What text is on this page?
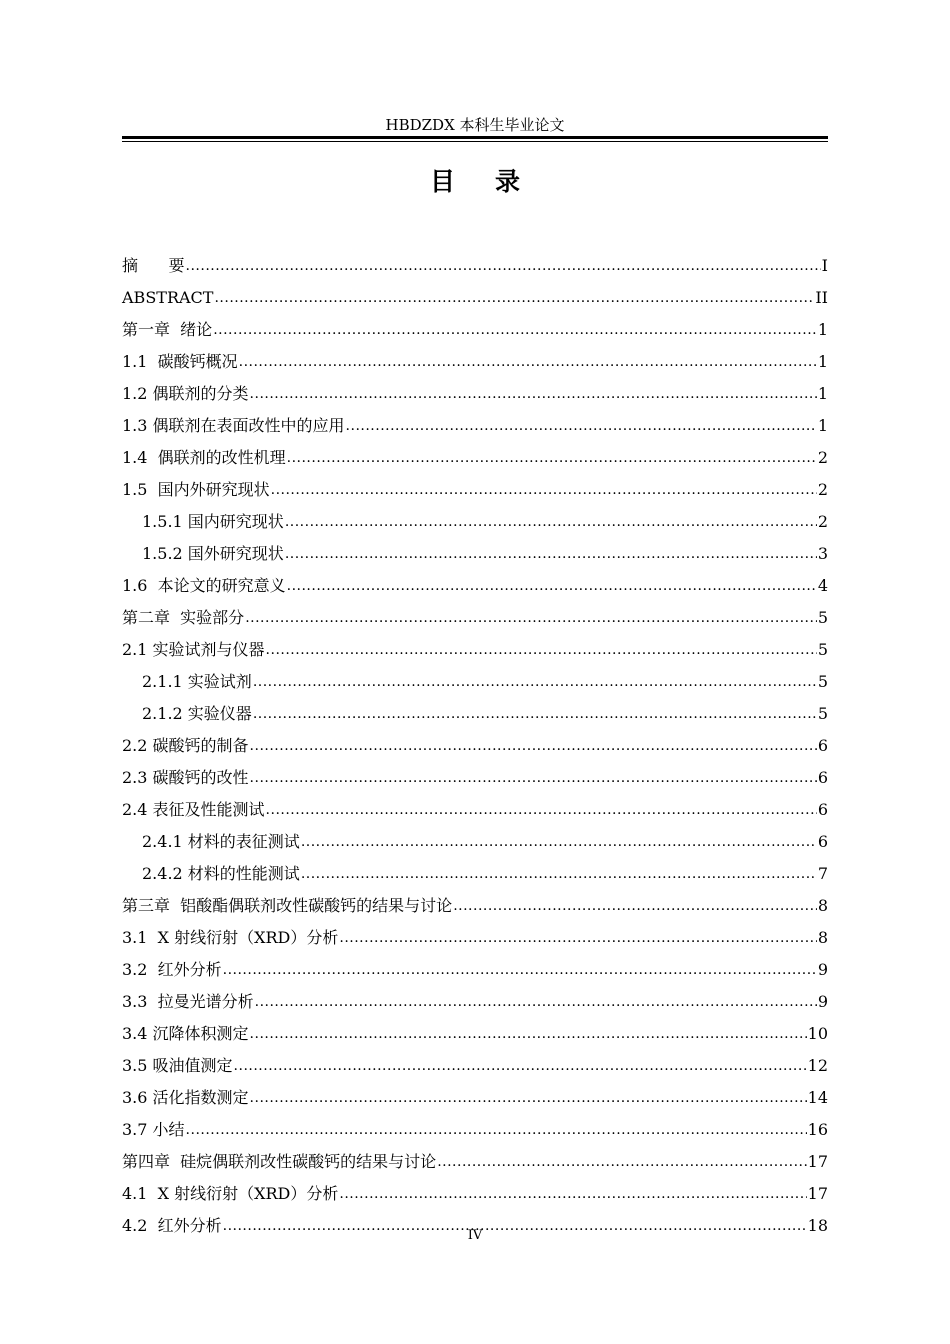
HBDZDX 本科生毕业论文
目录
摘      要 .....	I
ABSTRACT .....	II
第一章  绪论 .....	1
1.1  碳酸钙概况 .....	1
1.2 偶联剂的分类 .....	1
1.3 偶联剂在表面改性中的应用 .....	1
1.4  偶联剂的改性机理 .....	2
1.5  国内外研究现状 .....	2
1.5.1 国内研究现状 .....	2
1.5.2 国外研究现状 .....	3
1.6  本论文的研究意义 .....	4
第二章  实验部分 .....	5
2.1 实验试剂与仪器 .....	5
2.1.1 实验试剂 .....	5
2.1.2 实验仪器 .....	5
2.2 碳酸钙的制备 .....	6
2.3 碳酸钙的改性 .....	6
2.4 表征及性能测试 .....	6
2.4.1 材料的表征测试 .....	6
2.4.2 材料的性能测试 .....	7
第三章  铝酸酯偶联剂改性碳酸钙的结果与讨论 .....	8
3.1  X 射线衍射（XRD）分析 .....	8
3.2  红外分析 .....	9
3.3  拉曼光谱分析 .....	9
3.4 沉降体积测定 .....	10
3.5 吸油值测定 .....	12
3.6 活化指数测定 .....	14
3.7 小结 .....	16
第四章  硅烷偶联剂改性碳酸钙的结果与讨论 .....	17
4.1  X 射线衍射（XRD）分析 .....	17
4.2  红外分析 .....	18
IV
